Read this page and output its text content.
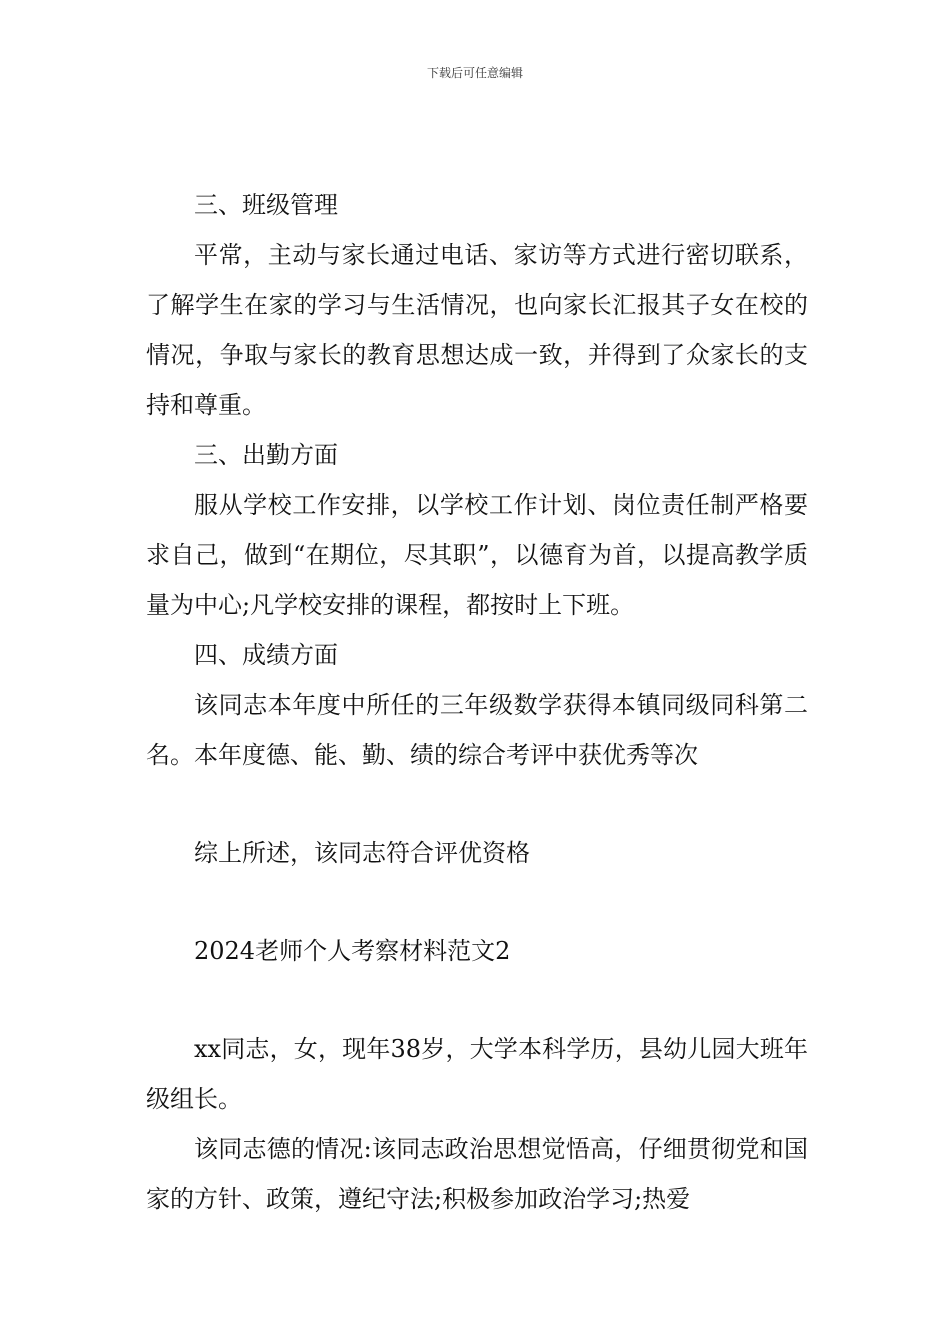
下载后可任意编辑

三、班级管理

平常，主动与家长通过电话、家访等方式进行密切联系，了解学生在家的学习与生活情况，也向家长汇报其子女在校的情况，争取与家长的教育思想达成一致，并得到了众家长的支持和尊重。

三、出勤方面

服从学校工作安排，以学校工作计划、岗位责任制严格要求自己，做到“在期位，尽其职”，以德育为首，以提高教学质量为中心;凡学校安排的课程，都按时上下班。

四、成绩方面

该同志本年度中所任的三年级数学获得本镇同级同科第二名。本年度德、能、勤、绩的综合考评中获优秀等次

综上所述，该同志符合评优资格

2024老师个人考察材料范文2

xx同志，女，现年38岁，大学本科学历，县幼儿园大班年级组长。

该同志德的情况:该同志政治思想觉悟高，仔细贯彻党和国家的方针、政策，遵纪守法;积极参加政治学习;热爱
